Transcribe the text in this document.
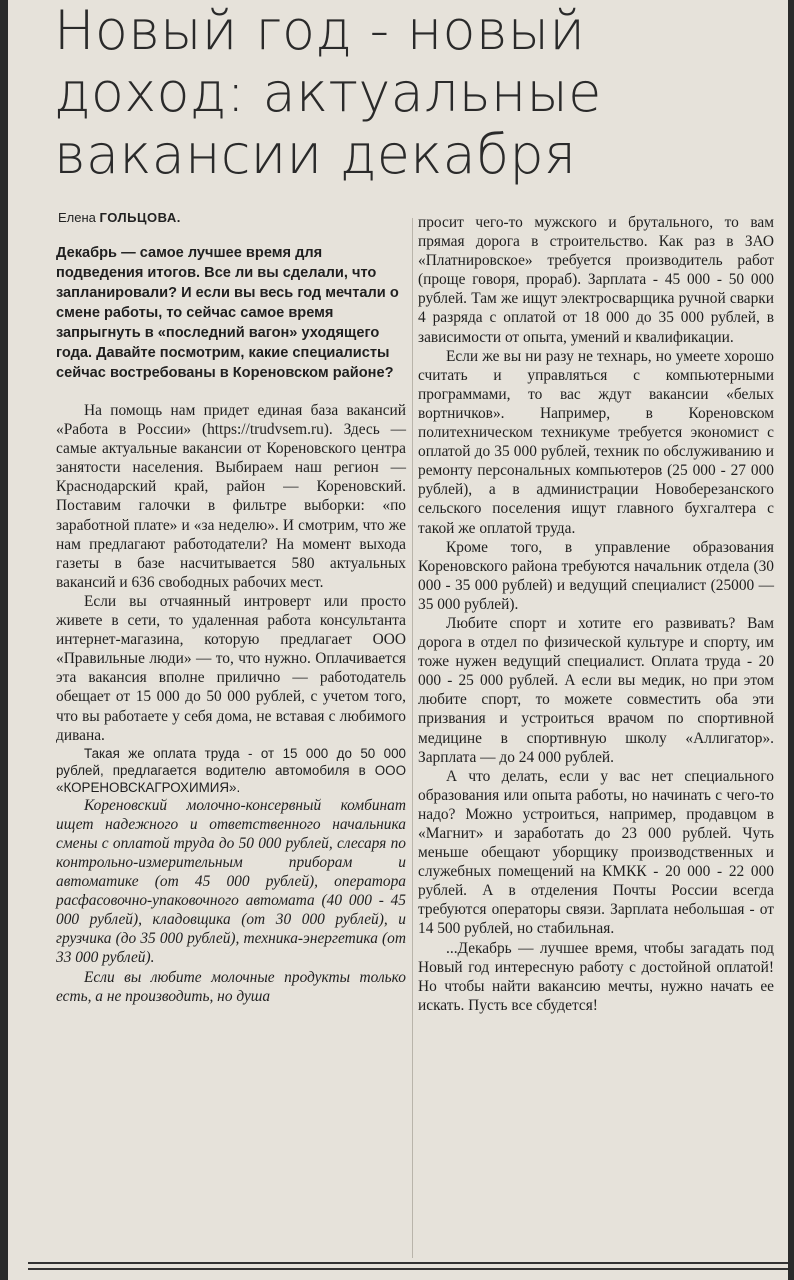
Новый год - новый доход: актуальные вакансии декабря
Елена ГОЛЬЦОВА.

Декабрь — самое лучшее время для подведения итогов. Все ли вы сделали, что запланировали? И если вы весь год мечтали о смене работы, то сейчас самое время запрыгнуть в «последний вагон» уходящего года. Давайте посмотрим, какие специалисты сейчас востребованы в Кореновском районе?

На помощь нам придет единая база вакансий «Работа в России» (https://trudvsem.ru). Здесь — самые актуальные вакансии от Кореновского центра занятости населения. Выбираем наш регион — Краснодарский край, район — Кореновский. Поставим галочки в фильтре выборки: «по заработной плате» и «за неделю». И смотрим, что же нам предлагают работодатели? На момент выхода газеты в базе насчитывается 580 актуальных вакансий и 636 свободных рабочих мест.

Если вы отчаянный интроверт или просто живете в сети, то удаленная работа консультанта интернет-магазина, которую предлагает ООО «Правильные люди» — то, что нужно. Оплачивается эта вакансия вполне прилично — работодатель обещает от 15 000 до 50 000 рублей, с учетом того, что вы работаете у себя дома, не вставая с любимого дивана.

Такая же оплата труда - от 15 000 до 50 000 рублей, предлагается водителю автомобиля в ООО «КОРЕНОВСКАГРОХИМИЯ».

Кореновский молочно-консервный комбинат ищет надежного и ответственного начальника смены с оплатой труда до 50 000 рублей, слесаря по контрольно-измерительным приборам и автоматике (от 45 000 рублей), оператора расфасовочно-упаковочного автомата (40 000 - 45 000 рублей), кладовщика (от 30 000 рублей), и грузчика (до 35 000 рублей), техника-энергетика (от 33 000 рублей).

Если вы любите молочные продукты только есть, а не производить, но душа

просит чего-то мужского и брутального, то вам прямая дорога в строительство. Как раз в ЗАО «Платнировское» требуется производитель работ (проще говоря, прораб). Зарплата - 45 000 - 50 000 рублей. Там же ищут электросварщика ручной сварки 4 разряда с оплатой от 18 000 до 35 000 рублей, в зависимости от опыта, умений и квалификации.

Если же вы ни разу не технарь, но умеете хорошо считать и управляться с компьютерными программами, то вас ждут вакансии «белых вортничков». Например, в Кореновском политехническом техникуме требуется экономист с оплатой до 35 000 рублей, техник по обслуживанию и ремонту персональных компьютеров (25 000 - 27 000 рублей), а в администрации Новоберезанского сельского поселения ищут главного бухгалтера с такой же оплатой труда.

Кроме того, в управление образования Кореновского района требуются начальник отдела (30 000 - 35 000 рублей) и ведущий специалист (25000 — 35 000 рублей).

Любите спорт и хотите его развивать? Вам дорога в отдел по физической культуре и спорту, им тоже нужен ведущий специалист. Оплата труда - 20 000 - 25 000 рублей. А если вы медик, но при этом любите спорт, то можете совместить оба эти призвания и устроиться врачом по спортивной медицине в спортивную школу «Аллигатор». Зарплата — до 24 000 рублей.

А что делать, если у вас нет специального образования или опыта работы, но начинать с чего-то надо? Можно устроиться, например, продавцом в «Магнит» и заработать до 23 000 рублей. Чуть меньше обещают уборщику производственных и служебных помещений на КМКК - 20 000 - 22 000 рублей. А в отделения Почты России всегда требуются операторы связи. Зарплата небольшая - от 14 500 рублей, но стабильная.

...Декабрь — лучшее время, чтобы загадать под Новый год интересную работу с достойной оплатой! Но чтобы найти вакансию мечты, нужно начать ее искать. Пусть все сбудется!
